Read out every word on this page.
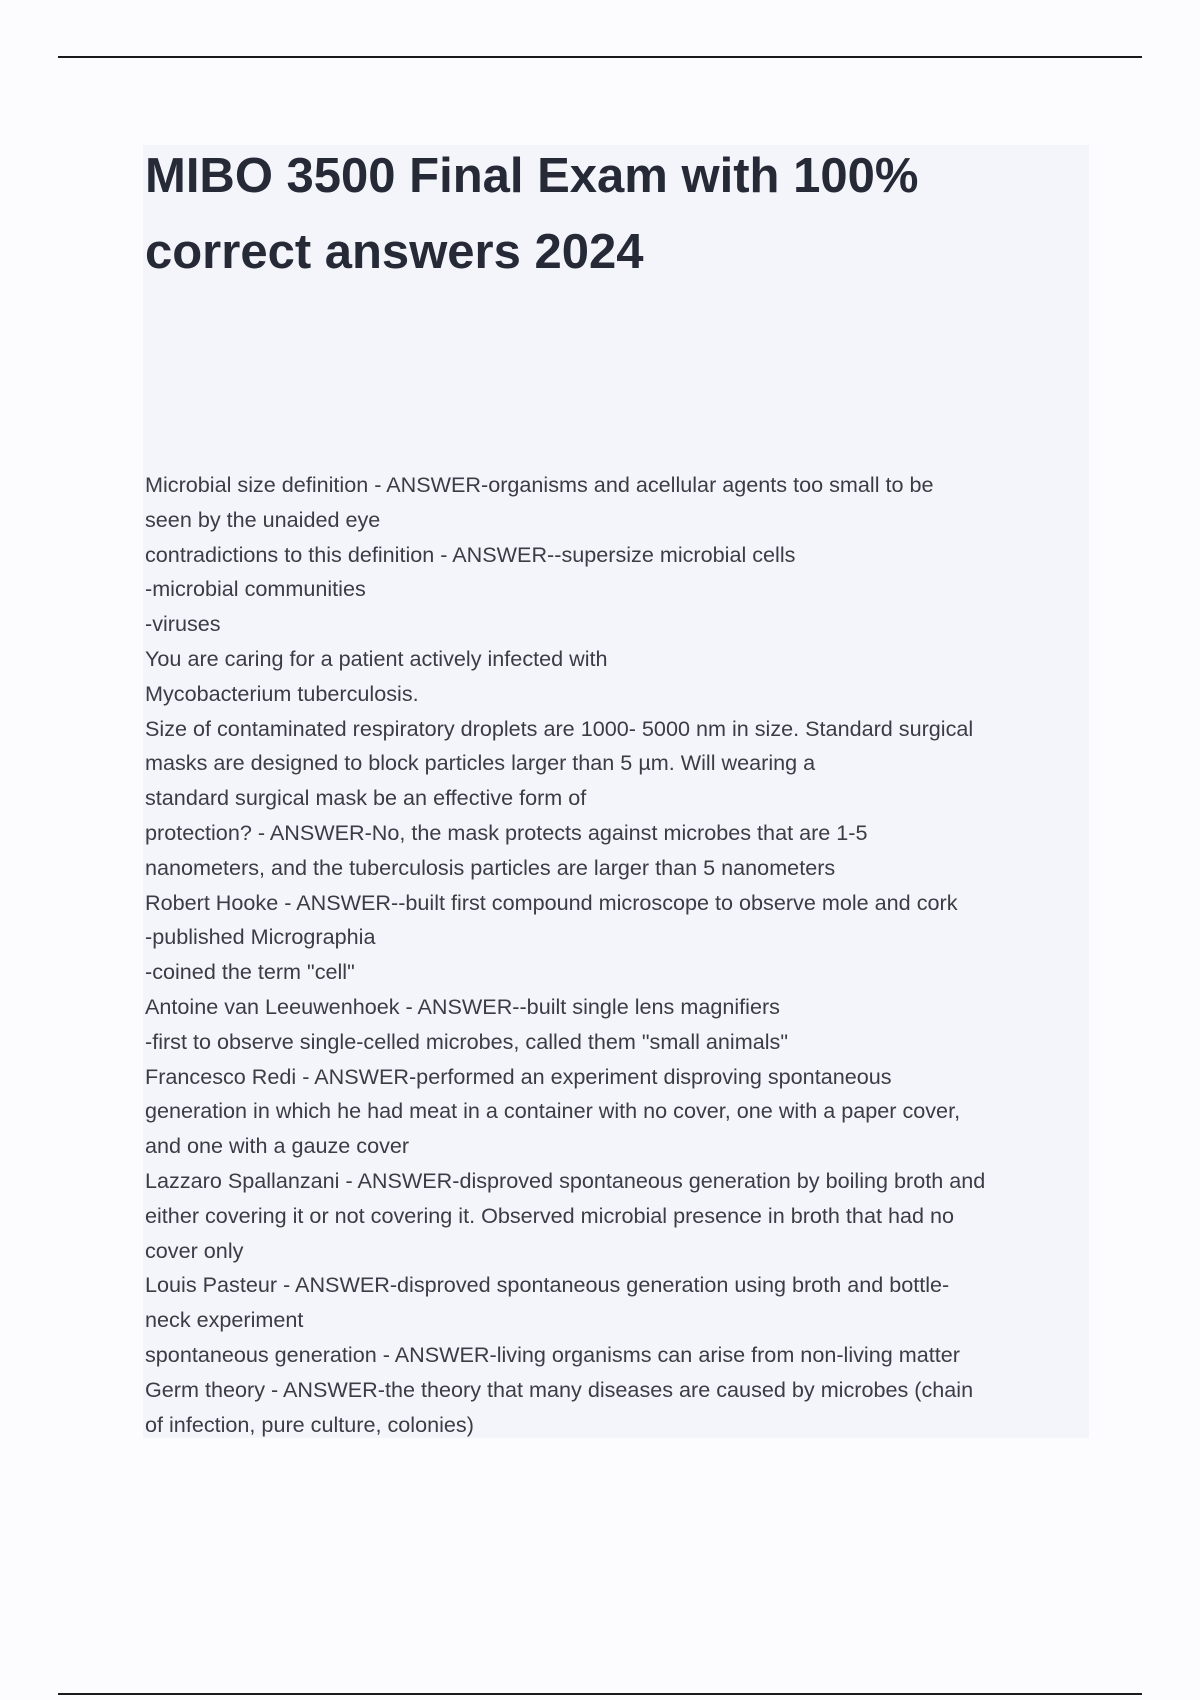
MIBO 3500 Final Exam with 100%
correct answers 2024
Microbial size definition - ANSWER-organisms and acellular agents too small to be
seen by the unaided eye
contradictions to this definition - ANSWER--supersize microbial cells
-microbial communities
-viruses
You are caring for a patient actively infected with
Mycobacterium tuberculosis.
Size of contaminated respiratory droplets are 1000- 5000 nm in size. Standard surgical
masks are designed to block particles larger than 5 µm. Will wearing a
standard surgical mask be an effective form of
protection? - ANSWER-No, the mask protects against microbes that are 1-5
nanometers, and the tuberculosis particles are larger than 5 nanometers
Robert Hooke - ANSWER--built first compound microscope to observe mole and cork
-published Micrographia
-coined the term "cell"
Antoine van Leeuwenhoek - ANSWER--built single lens magnifiers
-first to observe single-celled microbes, called them "small animals"
Francesco Redi - ANSWER-performed an experiment disproving spontaneous
generation in which he had meat in a container with no cover, one with a paper cover,
and one with a gauze cover
Lazzaro Spallanzani - ANSWER-disproved spontaneous generation by boiling broth and
either covering it or not covering it. Observed microbial presence in broth that had no
cover only
Louis Pasteur - ANSWER-disproved spontaneous generation using broth and bottle-
neck experiment
spontaneous generation - ANSWER-living organisms can arise from non-living matter
Germ theory - ANSWER-the theory that many diseases are caused by microbes (chain
of infection, pure culture, colonies)
